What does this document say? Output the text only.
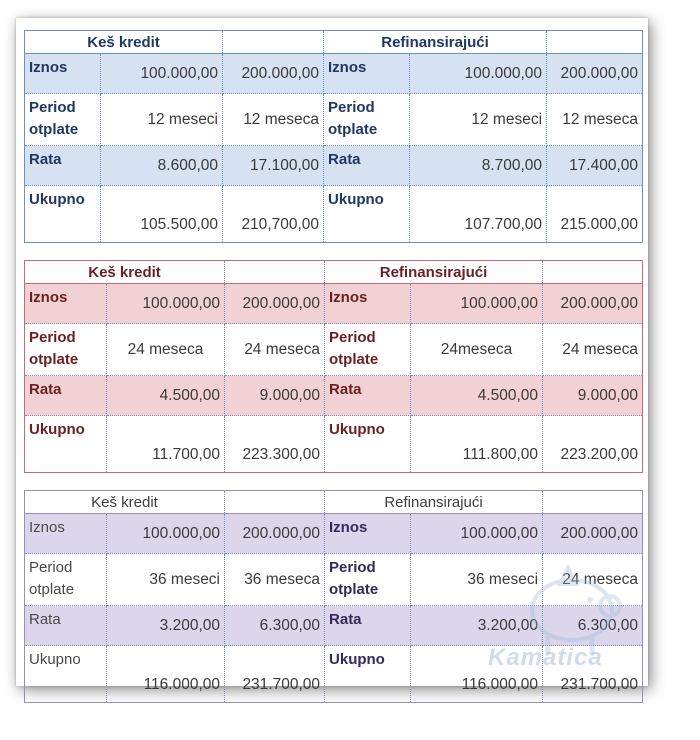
Keš kredit			Refinansirajući		
Iznos	100.000,00	200.000,00	Iznos	100.000,00	200.000,00
Period otplate	12 meseci	12 meseca	Period otplate	12 meseci	12 meseca
Rata	8.600,00	17.100,00	Rata	8.700,00	17.400,00
Ukupno	105.500,00	210,700,00	Ukupno	107.700,00	215.000,00
Keš kredit			Refinansirajući		
Iznos	100.000,00	200.000,00	Iznos	100.000,00	200.000,00
Period otplate	24 meseca	24 meseca	Period otplate	24meseca	24 meseca
Rata	4.500,00	9.000,00	Rata	4.500,00	9.000,00
Ukupno	11.700,00	223.300,00	Ukupno	111.800,00	223.200,00
Keš kredit			Refinansirajući		
Iznos	100.000,00	200.000,00	Iznos	100.000,00	200.000,00
Period otplate	36 meseci	36 meseca	Period otplate	36 meseci	24 meseca
Rata	3.200,00	6.300,00	Rata	3.200,00	6.300,00
Ukupno	116.000,00	231.700,00	Ukupno	116.000,00	231.700,00
Kamatica
